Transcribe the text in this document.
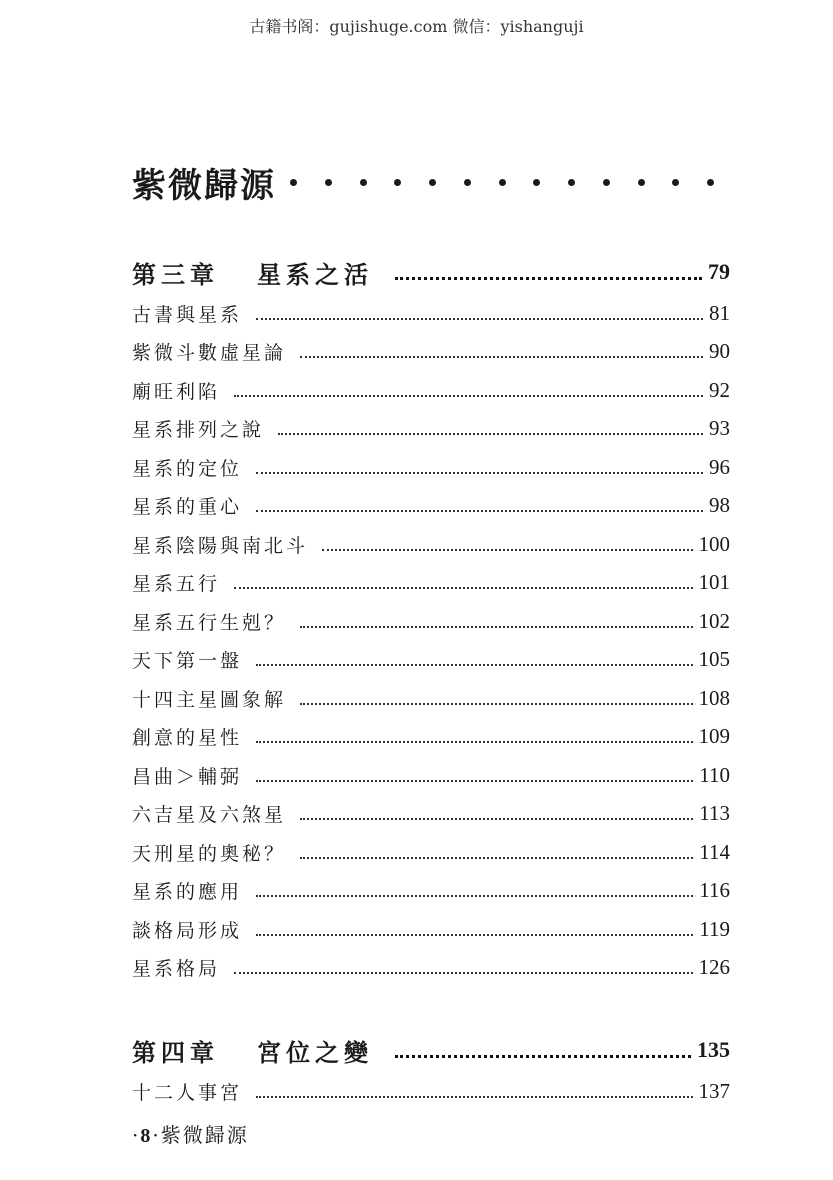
古籍书阁：gujishuge.com 微信：yishanguji
紫微歸源
第三章 星系之活	79
古書與星系	81
紫微斗數虛星論	90
廟旺利陷	92
星系排列之說	93
星系的定位	96
星系的重心	98
星系陰陽與南北斗	100
星系五行	101
星系五行生剋？	102
天下第一盤	105
十四主星圖象解	108
創意的星性	109
昌曲＞輔弼	110
六吉星及六煞星	113
天刑星的奧秘？	114
星系的應用	116
談格局形成	119
星系格局	126
第四章 宮位之變	135
十二人事宮	137
·8·紫微歸源
